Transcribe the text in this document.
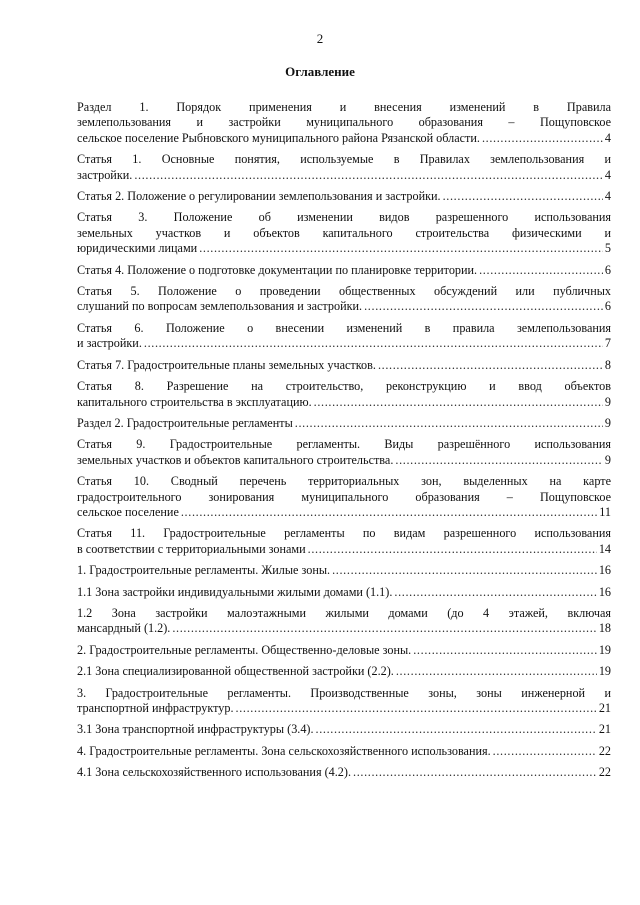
2
Оглавление
Раздел 1. Порядок применения и внесения изменений в Правила
землепользования и застройки муниципального образования – Пощуповское
сельское поселение Рыбновского муниципального района Рязанской области. . . .	4
Статья 1. Основные понятия, используемые в Правилах землепользования и
застройки. . . .	4
Статья 2. Положение о регулировании землепользования и застройки. . . .	4
Статья 3. Положение об изменении видов разрешенного использования
земельных участков и объектов капитального строительства физическими и
юридическими лицами . . .	5
Статья 4. Положение о подготовке документации по планировке территории. . . .	6
Статья 5. Положение о проведении общественных обсуждений или публичных
слушаний по вопросам землепользования и застройки. . . .	6
Статья 6. Положение о внесении изменений в правила землепользования
и застройки. . . .	7
Статья 7. Градостроительные планы земельных участков. . . .	8
Статья 8. Разрешение на строительство, реконструкцию и ввод объектов
капитального строительства в эксплуатацию. . . .	9
Раздел 2. Градостроительные регламенты . . .	9
Статья 9. Градостроительные регламенты. Виды разрешённого использования
земельных участков и объектов капитального строительства. . . .	9
Статья 10. Сводный перечень территориальных зон, выделенных на карте
градостроительного зонирования муниципального образования – Пощуповское
сельское поселение . . .	11
Статья 11. Градостроительные регламенты по видам разрешенного использования
в соответствии с территориальными зонами . . .	14
1. Градостроительные регламенты. Жилые зоны. . . .	16
1.1 Зона застройки индивидуальными жилыми домами (1.1). . . .	16
1.2 Зона застройки малоэтажными жилыми домами (до 4 этажей, включая
мансардный (1.2). . . .	18
2. Градостроительные регламенты. Общественно-деловые зоны. . . .	19
2.1 Зона специализированной общественной застройки (2.2). . . .	19
3. Градостроительные регламенты. Производственные зоны, зоны инженерной и
транспортной инфраструктур. . . .	21
3.1 Зона транспортной инфраструктуры (3.4). . . .	21
4. Градостроительные регламенты. Зона сельскохозяйственного использования. . . .	22
4.1 Зона сельскохозяйственного использования (4.2). . . .	22
